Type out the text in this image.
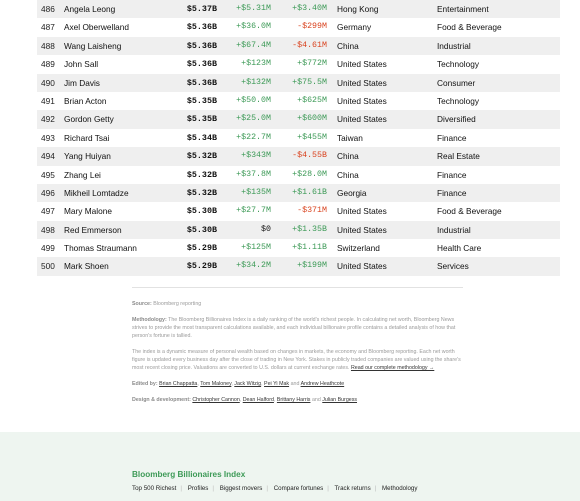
486 Angela Leong	$5.37B +$5.31M	+$3.40M Hong Kong	Entertainment
487 Axel Oberwelland	$5.36B +$36.0M	-$299M Germany	Food & Beverage
488 Wang Laisheng	$5.36B +$67.4M	-$4.61M China	Industrial
489 John Sall	$5.36B	+$123M	+$772M United States	Technology
490 Jim Davis	$5.36B	+$132M	+$75.5M United States	Consumer
491 Brian Acton	$5.35B +$50.0M	+$625M United States	Technology
492 Gordon Getty	$5.35B +$25.0M	+$600M United States	Diversified
493 Richard Tsai	$5.34B +$22.7M	+$455M Taiwan	Finance
494 Yang Huiyan	$5.32B	+$343M	-$4.55B China	Real Estate
495 Zhang Lei	$5.32B +$37.8M	+$28.0M China	Finance
496 Mikheil Lomtadze	$5.32B	+$135M	+$1.61B Georgia	Finance
497 Mary Malone	$5.30B +$27.7M	-$371M United States	Food & Beverage
498 Red Emmerson	$5.30B	$0	+$1.35B United States	Industrial
499 Thomas Straumann	$5.29B	+$125M	+$1.11B Switzerland	Health Care
500 Mark Shoen	$5.29B +$34.2M	+$199M United States	Services

Source: Bloomberg reporting

Methodology: The Bloomberg Billionaires Index is a daily ranking of the world's richest people. In calculating net worth, Bloomberg News strives to provide the most transparent calculations available, and each individual billionaire profile contains a detailed analysis of how that person's fortune is tallied.

The index is a dynamic measure of personal wealth based on changes in markets, the economy and Bloomberg reporting. Each net worth figure is updated every business day after the close of trading in New York. Stakes in publicly traded companies are valued using the share's most recent closing price. Valuations are converted to U.S. dollars at current exchange rates. Read our complete methodology →

Edited by: Brian Chappatta, Tom Maloney, Jack Witzig, Pei Yi Mak and Andrew Heathcote

Design & development: Christopher Cannon, Dean Halford, Brittany Harris and Julian Burgess

Bloomberg Billionaires Index
Top 500 Richest | Profiles | Biggest movers | Compare fortunes | Track returns | Methodology
